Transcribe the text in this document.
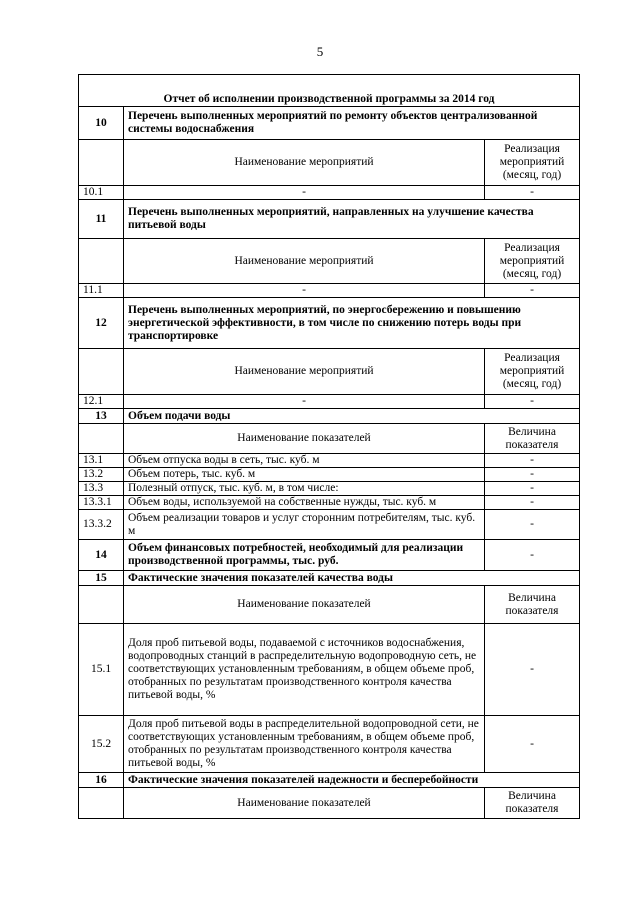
5
Отчет об исполнении производственной программы за 2014 год		
10	Перечень выполненных мероприятий по ремонту объектов централизованной системы водоснабжения	
	Наименование мероприятий	Реализация мероприятий (месяц, год)
10.1	-	-
11	Перечень выполненных мероприятий, направленных на улучшение качества питьевой воды	
	Наименование мероприятий	Реализация мероприятий (месяц, год)
11.1	-	-
12	Перечень выполненных мероприятий, по энергосбережению и повышению энергетической эффективности, в том числе по снижению потерь воды при транспортировке	
	Наименование мероприятий	Реализация мероприятий (месяц, год)
12.1	-	-
13	Объем подачи воды	
	Наименование показателей	Величина показателя
13.1	Объем отпуска воды в сеть, тыс. куб. м	-
13.2	Объем потерь, тыс. куб. м	-
13.3	Полезный отпуск, тыс. куб. м, в том числе:	-
13.3.1	Объем воды, используемой на собственные нужды, тыс. куб. м	-
13.3.2	Объем реализации товаров и услуг сторонним потребителям, тыс. куб. м	-
14	Объем финансовых потребностей, необходимый для реализации производственной программы, тыс. руб.	-
15	Фактические значения показателей качества воды	
	Наименование показателей	Величина показателя
15.1	Доля проб питьевой воды, подаваемой с источников водоснабжения, водопроводных станций в распределительную водопроводную сеть, не соответствующих установленным требованиям, в общем объеме проб, отобранных по результатам производственного контроля качества питьевой воды, %	-
15.2	Доля проб питьевой воды в распределительной водопроводной сети, не соответствующих установленным требованиям, в общем объеме проб, отобранных по результатам производственного контроля качества питьевой воды, %	-
16	Фактические значения показателей надежности и бесперебойности	
	Наименование показателей	Величина показателя
